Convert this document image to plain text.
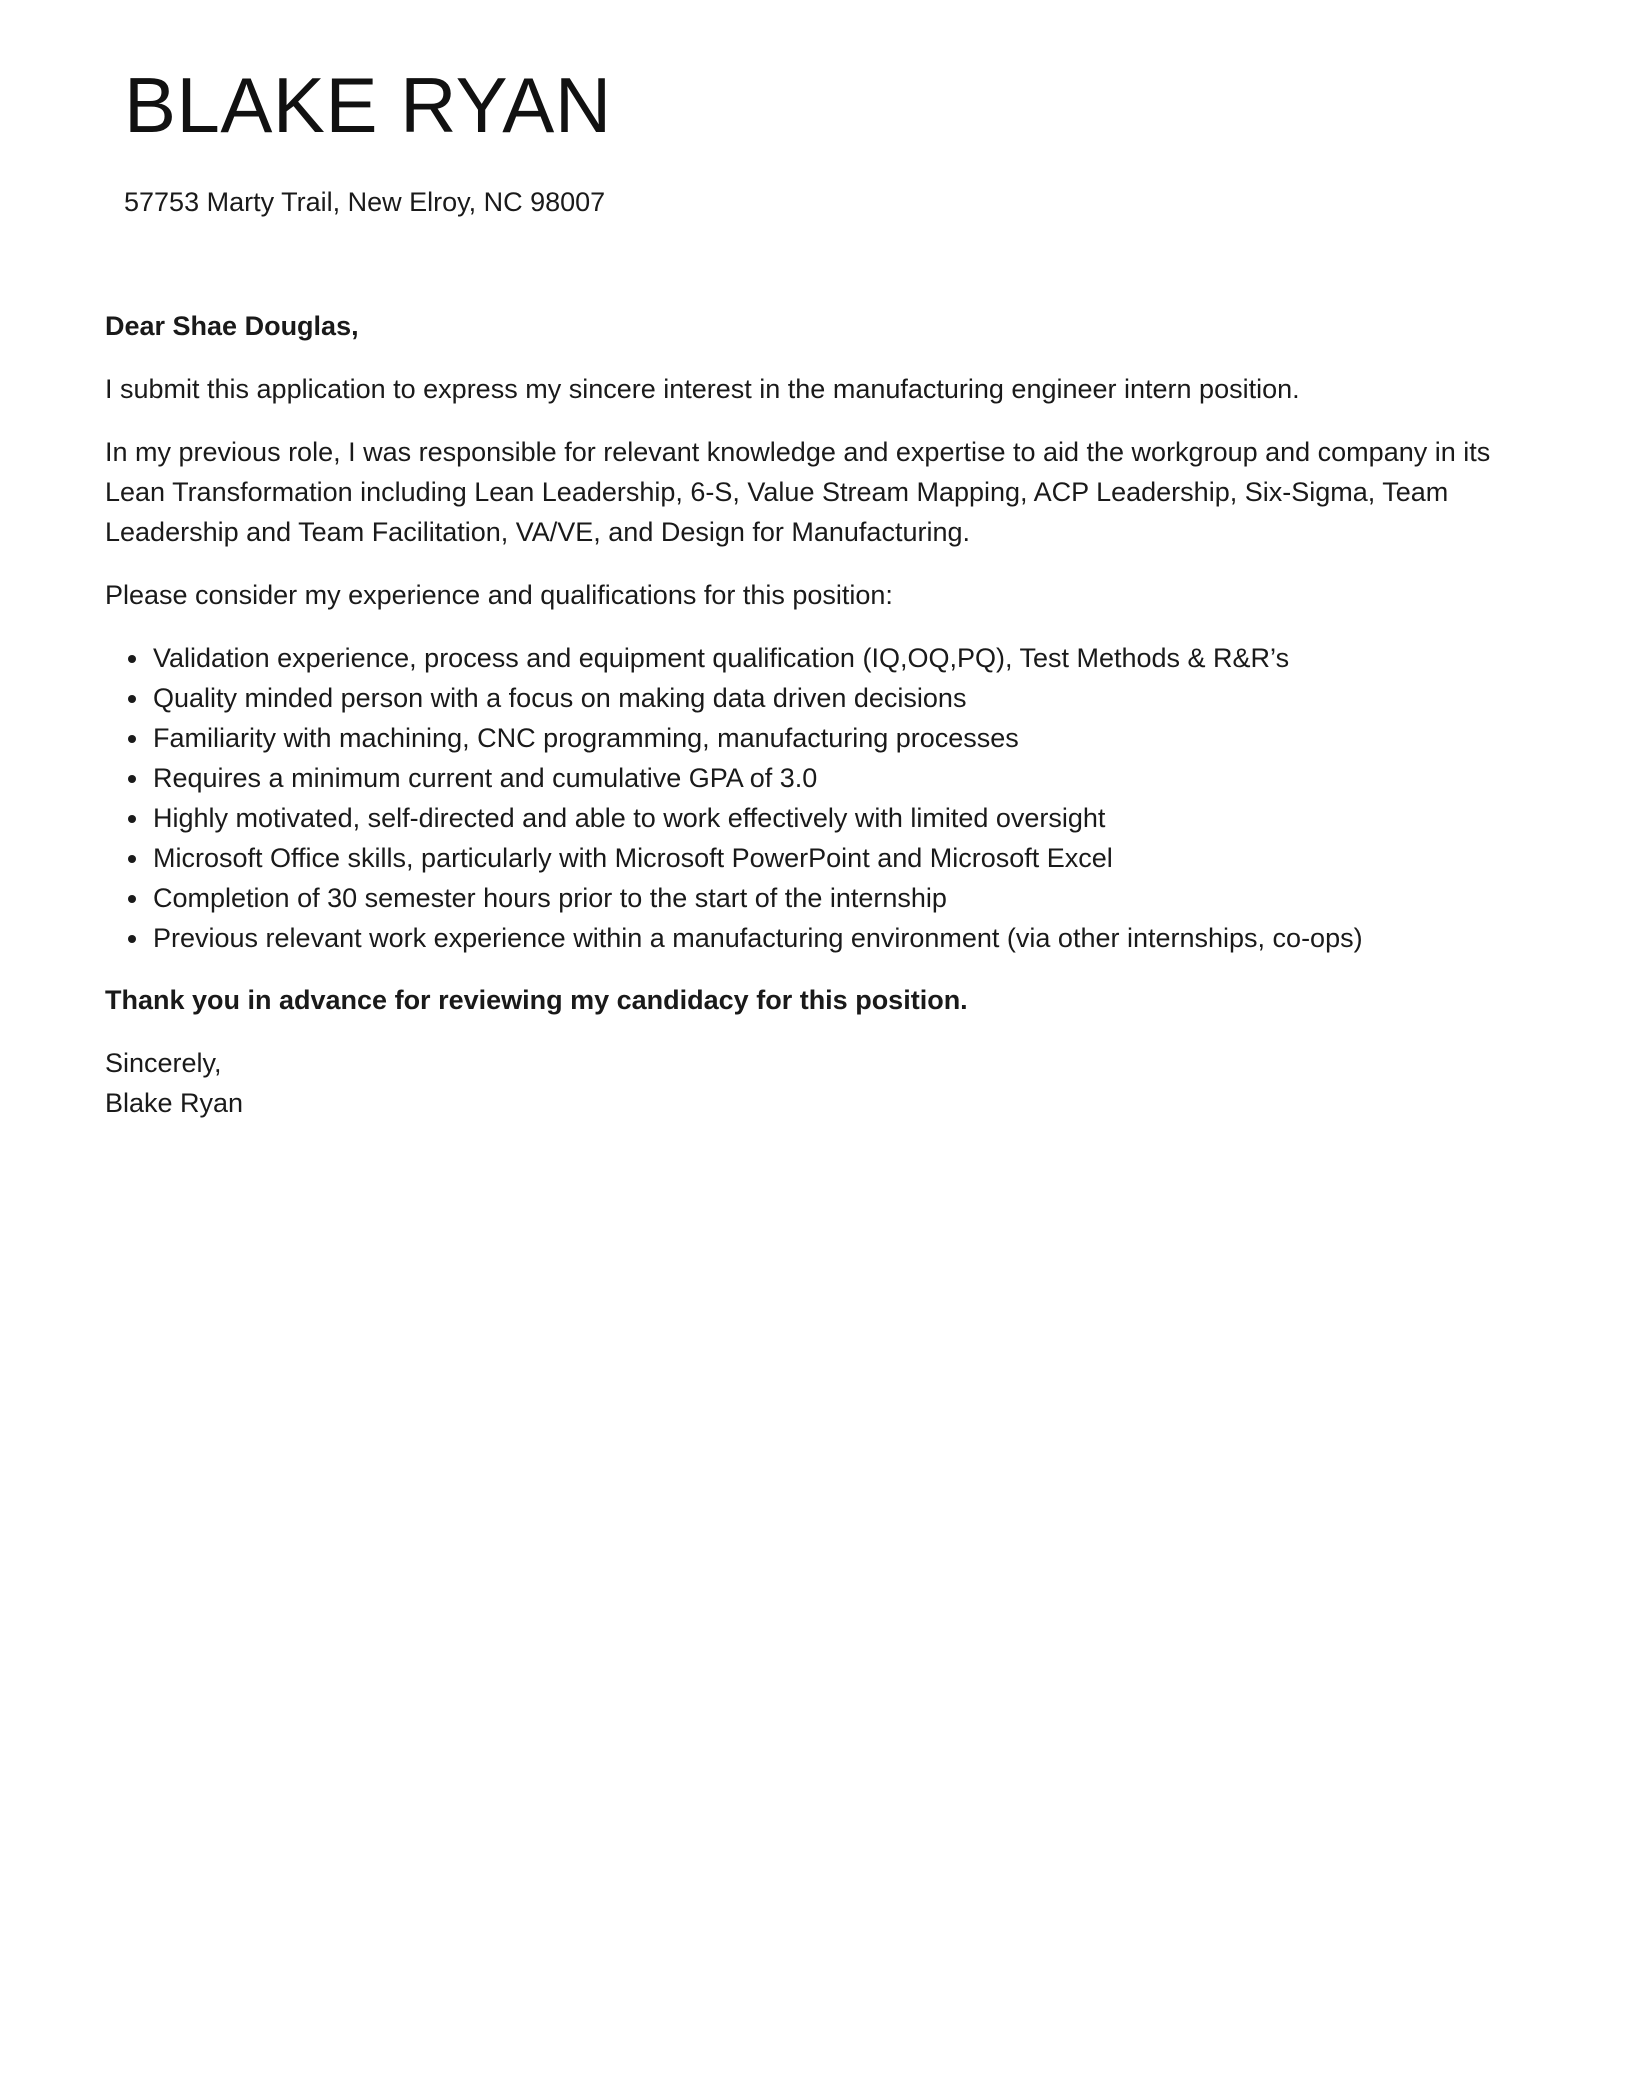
BLAKE RYAN
57753 Marty Trail, New Elroy, NC 98007

Dear Shae Douglas,

I submit this application to express my sincere interest in the manufacturing engineer intern position.

In my previous role, I was responsible for relevant knowledge and expertise to aid the workgroup and company in its Lean Transformation including Lean Leadership, 6-S, Value Stream Mapping, ACP Leadership, Six-Sigma, Team Leadership and Team Facilitation, VA/VE, and Design for Manufacturing.

Please consider my experience and qualifications for this position:

Validation experience, process and equipment qualification (IQ,OQ,PQ), Test Methods & R&R’s
Quality minded person with a focus on making data driven decisions
Familiarity with machining, CNC programming, manufacturing processes
Requires a minimum current and cumulative GPA of 3.0
Highly motivated, self-directed and able to work effectively with limited oversight
Microsoft Office skills, particularly with Microsoft PowerPoint and Microsoft Excel
Completion of 30 semester hours prior to the start of the internship
Previous relevant work experience within a manufacturing environment (via other internships, co-ops)

Thank you in advance for reviewing my candidacy for this position.

Sincerely,

Blake Ryan
